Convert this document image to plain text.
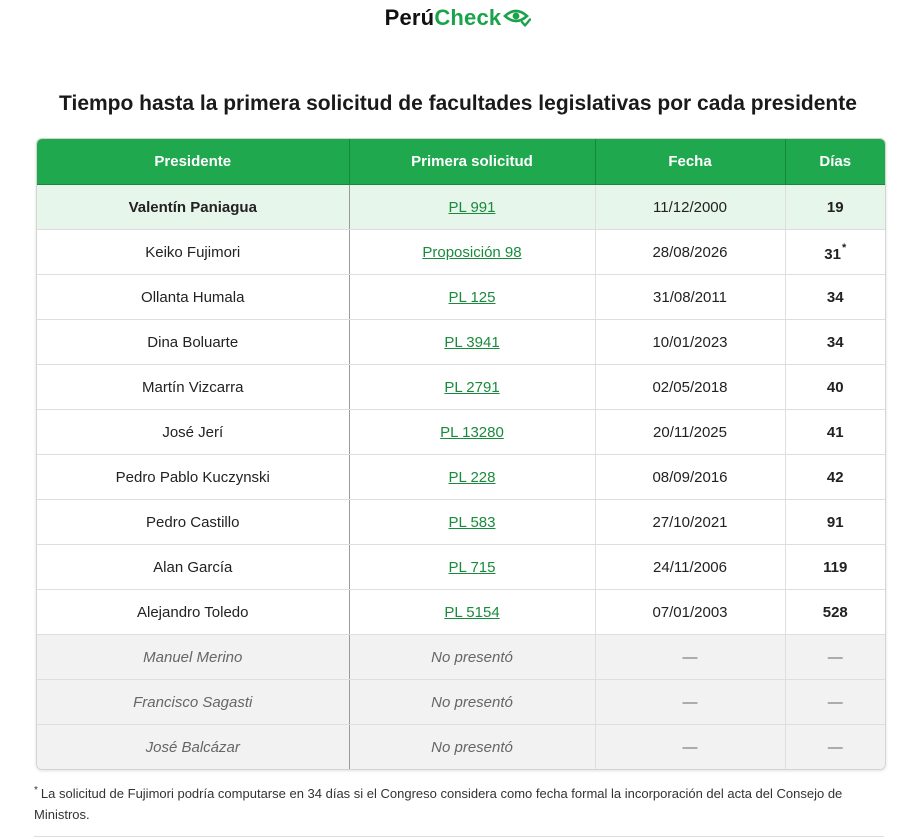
PerúCheck
Tiempo hasta la primera solicitud de facultades legislativas por cada presidente
Presidente	Primera solicitud	Fecha	Días
Valentín Paniagua	PL 991	11/12/2000	19
Keiko Fujimori	Proposición 98	28/08/2026	31*
Ollanta Humala	PL 125	31/08/2011	34
Dina Boluarte	PL 3941	10/01/2023	34
Martín Vizcarra	PL 2791	02/05/2018	40
José Jerí	PL 13280	20/11/2025	41
Pedro Pablo Kuczynski	PL 228	08/09/2016	42
Pedro Castillo	PL 583	27/10/2021	91
Alan García	PL 715	24/11/2006	119
Alejandro Toledo	PL 5154	07/01/2003	528
Manuel Merino	No presentó	—	—
Francisco Sagasti	No presentó	—	—
José Balcázar	No presentó	—	—
* La solicitud de Fujimori podría computarse en 34 días si el Congreso considera como fecha formal la incorporación del acta del Consejo de Ministros.
